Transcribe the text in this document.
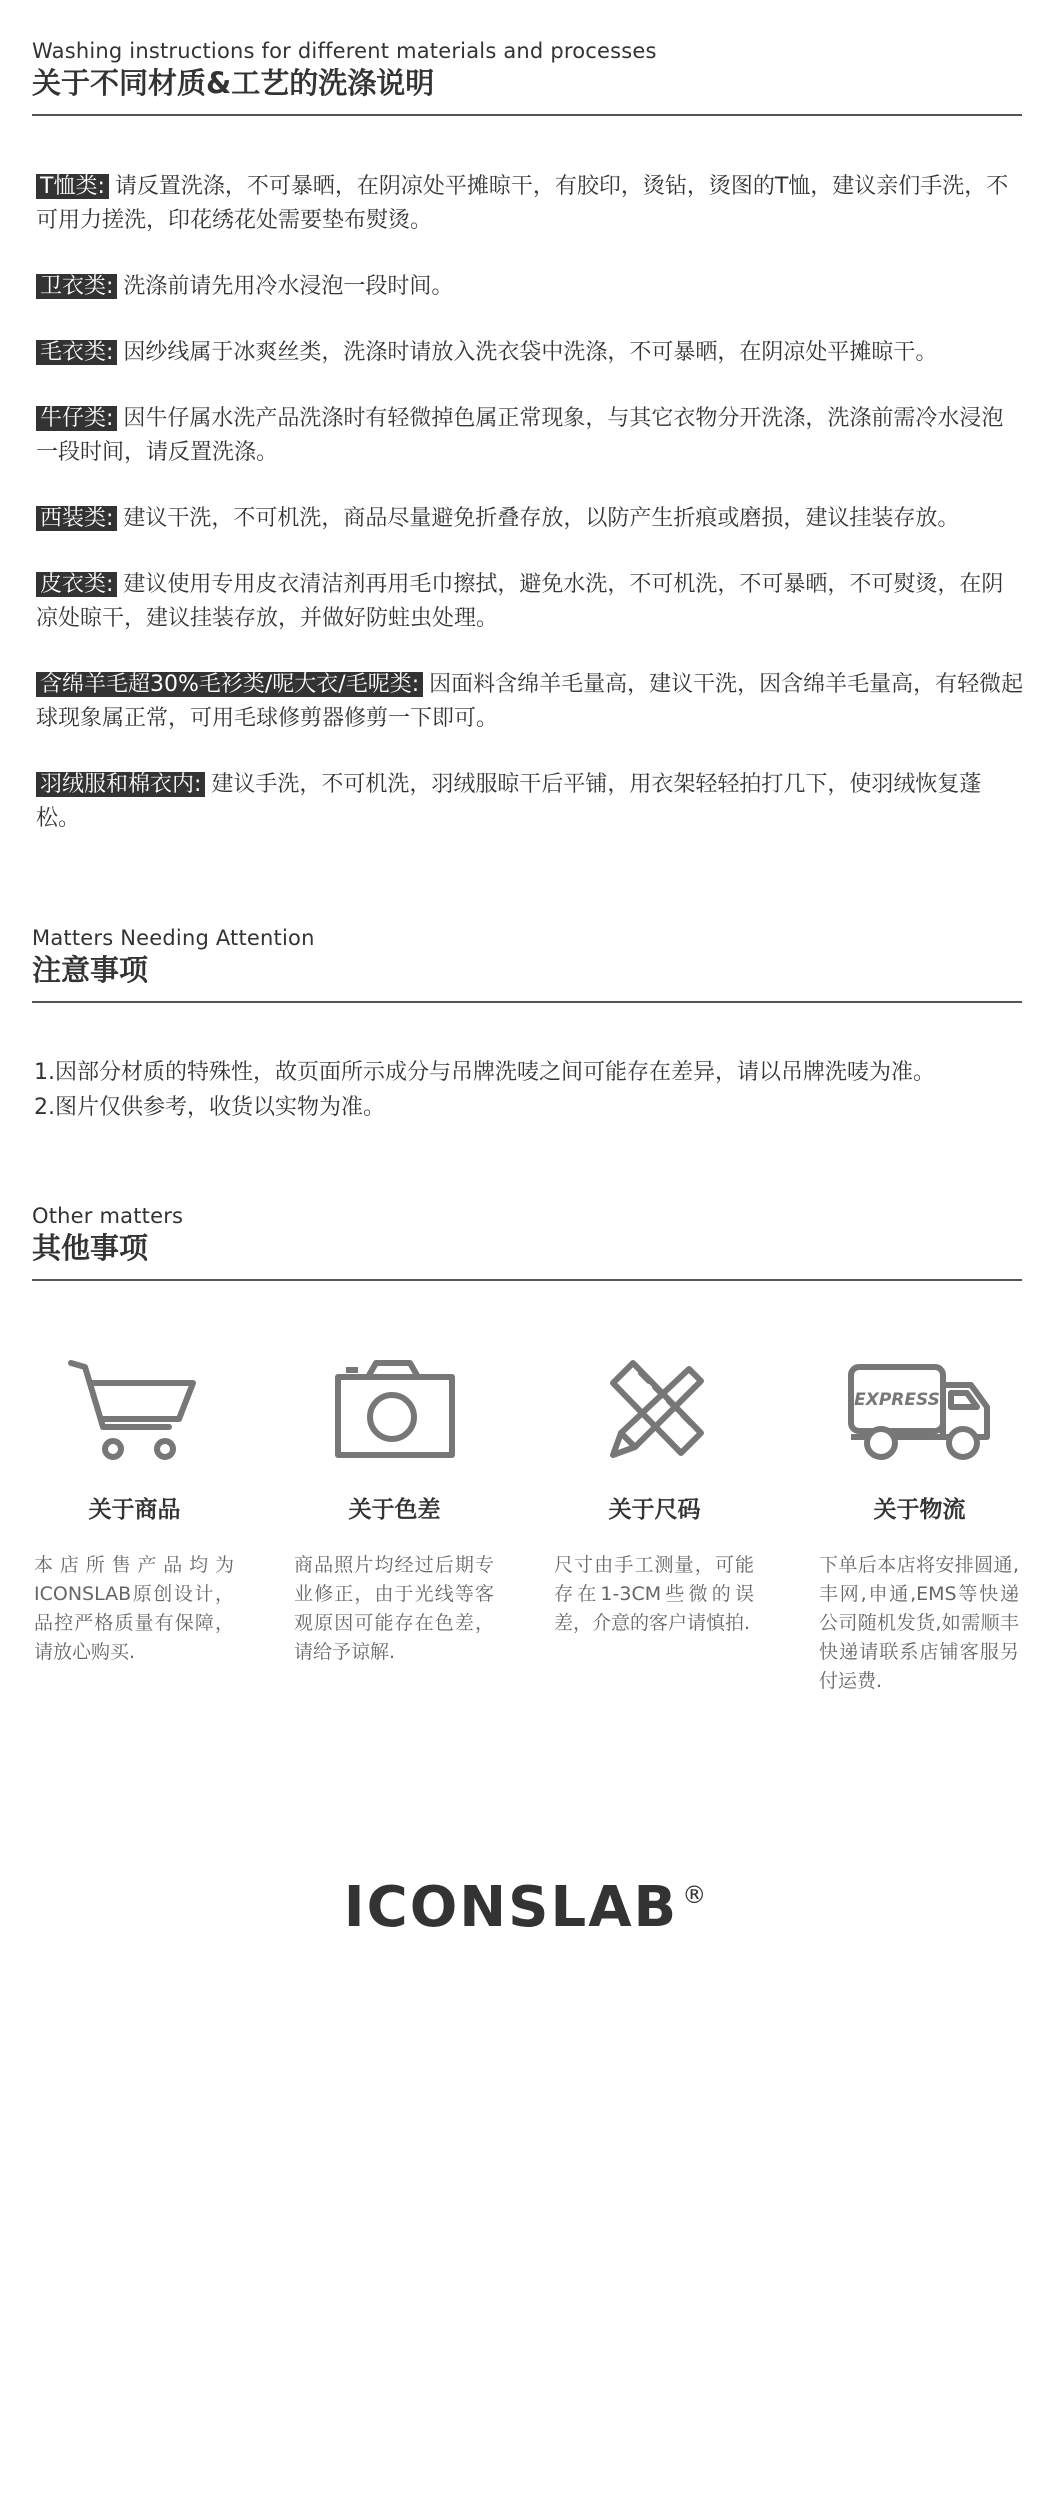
Washing instructions for different materials and processes
关于不同材质&工艺的洗涤说明
T恤类: 请反置洗涤，不可暴晒，在阴凉处平摊晾干，有胶印，烫钻，烫图的T恤，建议亲们手洗，不可用力搓洗，印花绣花处需要垫布熨烫。
卫衣类: 洗涤前请先用冷水浸泡一段时间。
毛衣类: 因纱线属于冰爽丝类，洗涤时请放入洗衣袋中洗涤，不可暴晒，在阴凉处平摊晾干。
牛仔类: 因牛仔属水洗产品洗涤时有轻微掉色属正常现象，与其它衣物分开洗涤，洗涤前需冷水浸泡一段时间，请反置洗涤。
西装类: 建议干洗，不可机洗，商品尽量避免折叠存放，以防产生折痕或磨损，建议挂装存放。
皮衣类: 建议使用专用皮衣清洁剂再用毛巾擦拭，避免水洗，不可机洗，不可暴晒，不可熨烫，在阴凉处晾干，建议挂装存放，并做好防蛀虫处理。
含绵羊毛超30%毛衫类/呢大衣/毛呢类: 因面料含绵羊毛量高，建议干洗，因含绵羊毛量高，有轻微起球现象属正常，可用毛球修剪器修剪一下即可。
羽绒服和棉衣内: 建议手洗，不可机洗，羽绒服晾干后平铺，用衣架轻轻拍打几下，使羽绒恢复蓬松。
Matters Needing Attention
注意事项
1.因部分材质的特殊性，故页面所示成分与吊牌洗唛之间可能存在差异，请以吊牌洗唛为准。
2.图片仅供参考，收货以实物为准。
Other matters
其他事项
关于商品
本店所售产品均为ICONSLAB原创设计，品控严格质量有保障，请放心购买.
关于色差
商品照片均经过后期专业修正，由于光线等客观原因可能存在色差，请给予谅解.
关于尺码
尺寸由手工测量，可能存在1-3CM些微的误差，介意的客户请慎拍.
EXPRESS
关于物流
下单后本店将安排圆通,丰网,申通,EMS等快递公司随机发货,如需顺丰快递请联系店铺客服另付运费.
ICONSLAB ®
